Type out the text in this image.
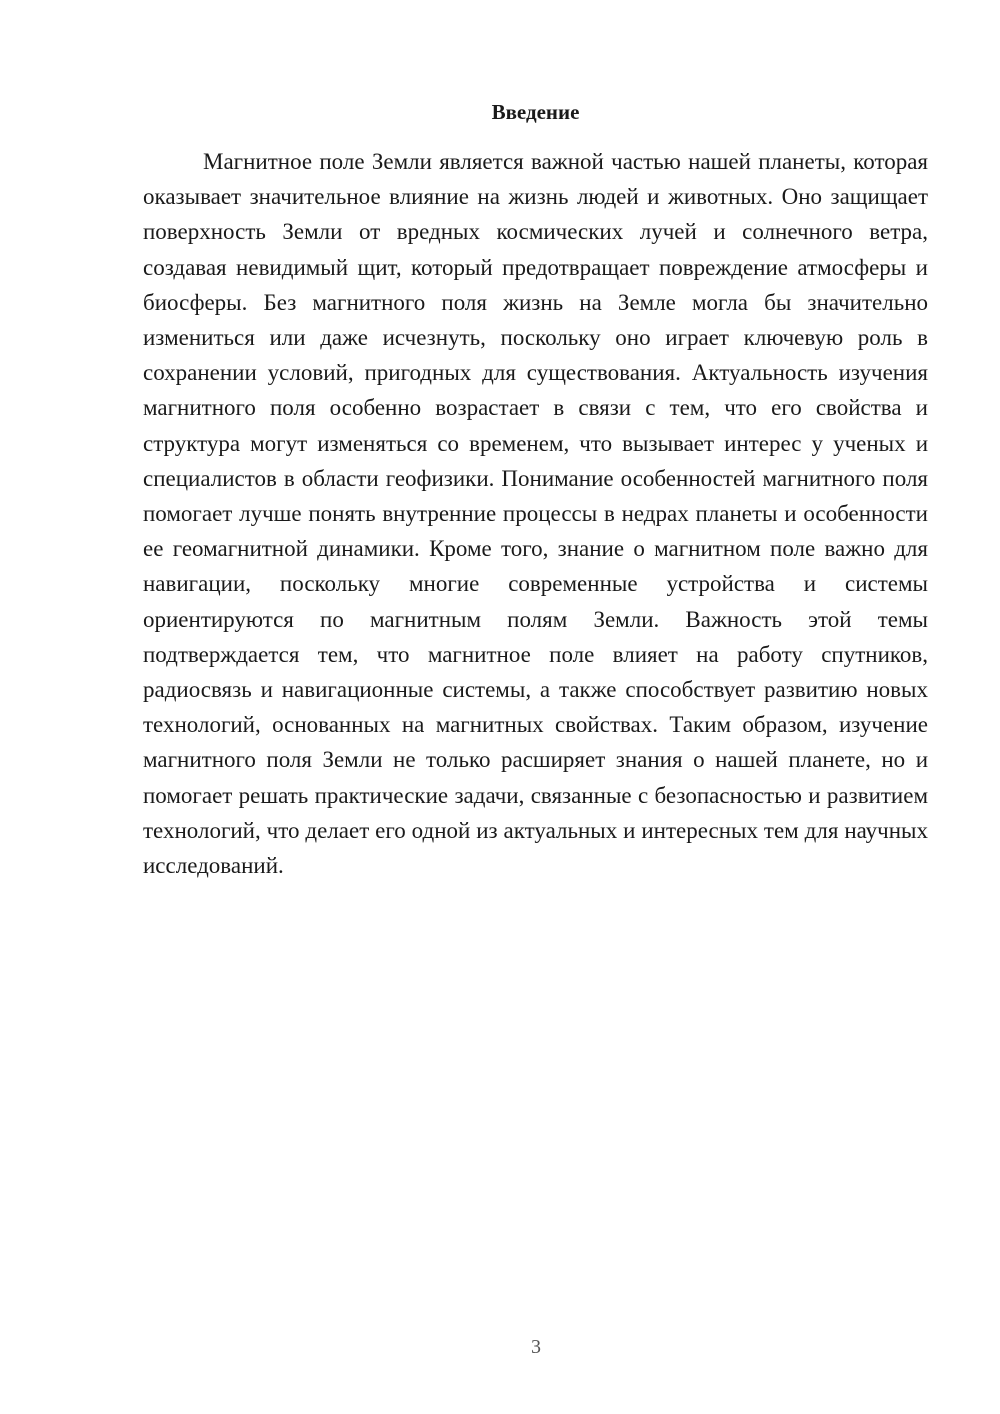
Введение

Магнитное поле Земли является важной частью нашей планеты, которая оказывает значительное влияние на жизнь людей и животных. Оно защищает поверхность Земли от вредных космических лучей и солнечного ветра, создавая невидимый щит, который предотвращает повреждение атмосферы и биосферы. Без магнитного поля жизнь на Земле могла бы значительно измениться или даже исчезнуть, поскольку оно играет ключевую роль в сохранении условий, пригодных для существования. Актуальность изучения магнитного поля особенно возрастает в связи с тем, что его свойства и структура могут изменяться со временем, что вызывает интерес у ученых и специалистов в области геофизики. Понимание особенностей магнитного поля помогает лучше понять внутренние процессы в недрах планеты и особенности ее геомагнитной динамики. Кроме того, знание о магнитном поле важно для навигации, поскольку многие современные устройства и системы ориентируются по магнитным полям Земли. Важность этой темы подтверждается тем, что магнитное поле влияет на работу спутников, радиосвязь и навигационные системы, а также способствует развитию новых технологий, основанных на магнитных свойствах. Таким образом, изучение магнитного поля Земли не только расширяет знания о нашей планете, но и помогает решать практические задачи, связанные с безопасностью и развитием технологий, что делает его одной из актуальных и интересных тем для научных исследований.

3
